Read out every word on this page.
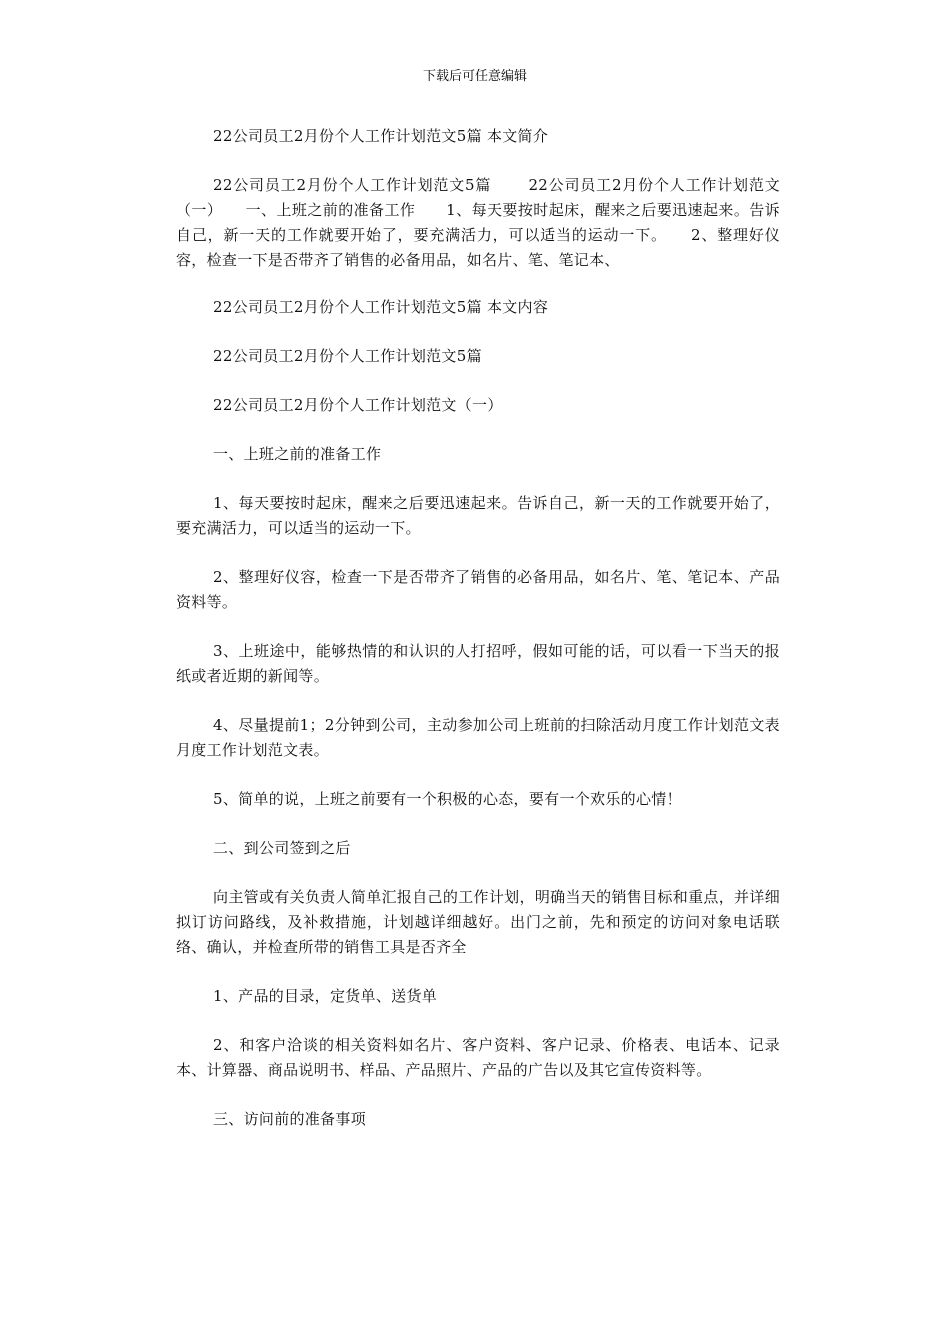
下载后可任意编辑

22公司员工2月份个人工作计划范文5篇 本文简介

22公司员工2月份个人工作计划范文5篇 　　22公司员工2月份个人工作计划范文（一）　　一、上班之前的准备工作　　1、每天要按时起床，醒来之后要迅速起来。告诉自己，新一天的工作就要开始了，要充满活力，可以适当的运动一下。　　2、整理好仪容，检查一下是否带齐了销售的必备用品，如名片、笔、笔记本、

22公司员工2月份个人工作计划范文5篇 本文内容

22公司员工2月份个人工作计划范文5篇

22公司员工2月份个人工作计划范文（一）

一、上班之前的准备工作

1、每天要按时起床，醒来之后要迅速起来。告诉自己，新一天的工作就要开始了，要充满活力，可以适当的运动一下。

2、整理好仪容，检查一下是否带齐了销售的必备用品，如名片、笔、笔记本、产品资料等。

3、上班途中，能够热情的和认识的人打招呼，假如可能的话，可以看一下当天的报纸或者近期的新闻等。

4、尽量提前1；2分钟到公司，主动参加公司上班前的扫除活动月度工作计划范文表月度工作计划范文表。

5、简单的说，上班之前要有一个积极的心态，要有一个欢乐的心情！

二、到公司签到之后

向主管或有关负责人简单汇报自己的工作计划，明确当天的销售目标和重点，并详细拟订访问路线，及补救措施，计划越详细越好。出门之前，先和预定的访问对象电话联络、确认，并检查所带的销售工具是否齐全

1、产品的目录，定货单、送货单

2、和客户洽谈的相关资料如名片、客户资料、客户记录、价格表、电话本、记录本、计算器、商品说明书、样品、产品照片、产品的广告以及其它宣传资料等。

三、访问前的准备事项
